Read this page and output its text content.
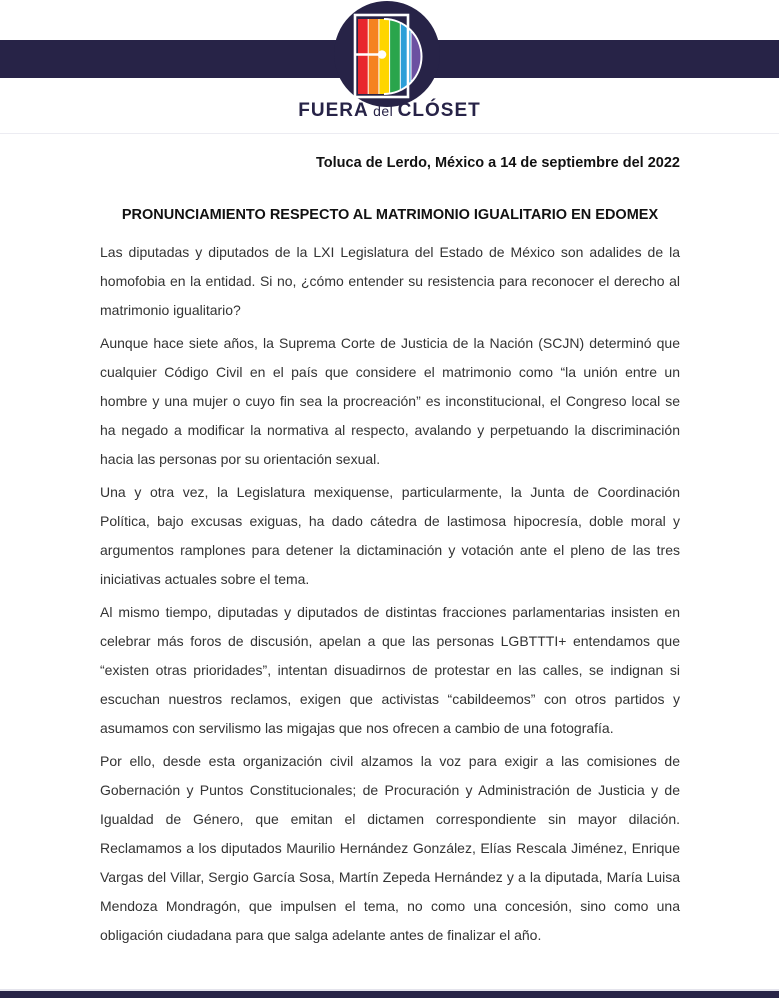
FUERA del CLÓSET
Toluca de Lerdo, México a 14 de septiembre del 2022
PRONUNCIAMIENTO RESPECTO AL MATRIMONIO IGUALITARIO EN EDOMEX

Las diputadas y diputados de la LXI Legislatura del Estado de México son adalides de la homofobia en la entidad. Si no, ¿cómo entender su resistencia para reconocer el derecho al matrimonio igualitario?

Aunque hace siete años, la Suprema Corte de Justicia de la Nación (SCJN) determinó que cualquier Código Civil en el país que considere el matrimonio como “la unión entre un hombre y una mujer o cuyo fin sea la procreación” es inconstitucional, el Congreso local se ha negado a modificar la normativa al respecto, avalando y perpetuando la discriminación hacia las personas por su orientación sexual.

Una y otra vez, la Legislatura mexiquense, particularmente, la Junta de Coordinación Política, bajo excusas exiguas, ha dado cátedra de lastimosa hipocresía, doble moral y argumentos ramplones para detener la dictaminación y votación ante el pleno de las tres iniciativas actuales sobre el tema.

Al mismo tiempo, diputadas y diputados de distintas fracciones parlamentarias insisten en celebrar más foros de discusión, apelan a que las personas LGBTTTI+ entendamos que “existen otras prioridades”, intentan disuadirnos de protestar en las calles, se indignan si escuchan nuestros reclamos, exigen que activistas “cabildeemos” con otros partidos y asumamos con servilismo las migajas que nos ofrecen a cambio de una fotografía.

Por ello, desde esta organización civil alzamos la voz para exigir a las comisiones de Gobernación y Puntos Constitucionales; de Procuración y Administración de Justicia y de Igualdad de Género, que emitan el dictamen correspondiente sin mayor dilación. Reclamamos a los diputados Maurilio Hernández González, Elías Rescala Jiménez, Enrique Vargas del Villar, Sergio García Sosa, Martín Zepeda Hernández y a la diputada, María Luisa Mendoza Mondragón, que impulsen el tema, no como una concesión, sino como una obligación ciudadana para que salga adelante antes de finalizar el año.
